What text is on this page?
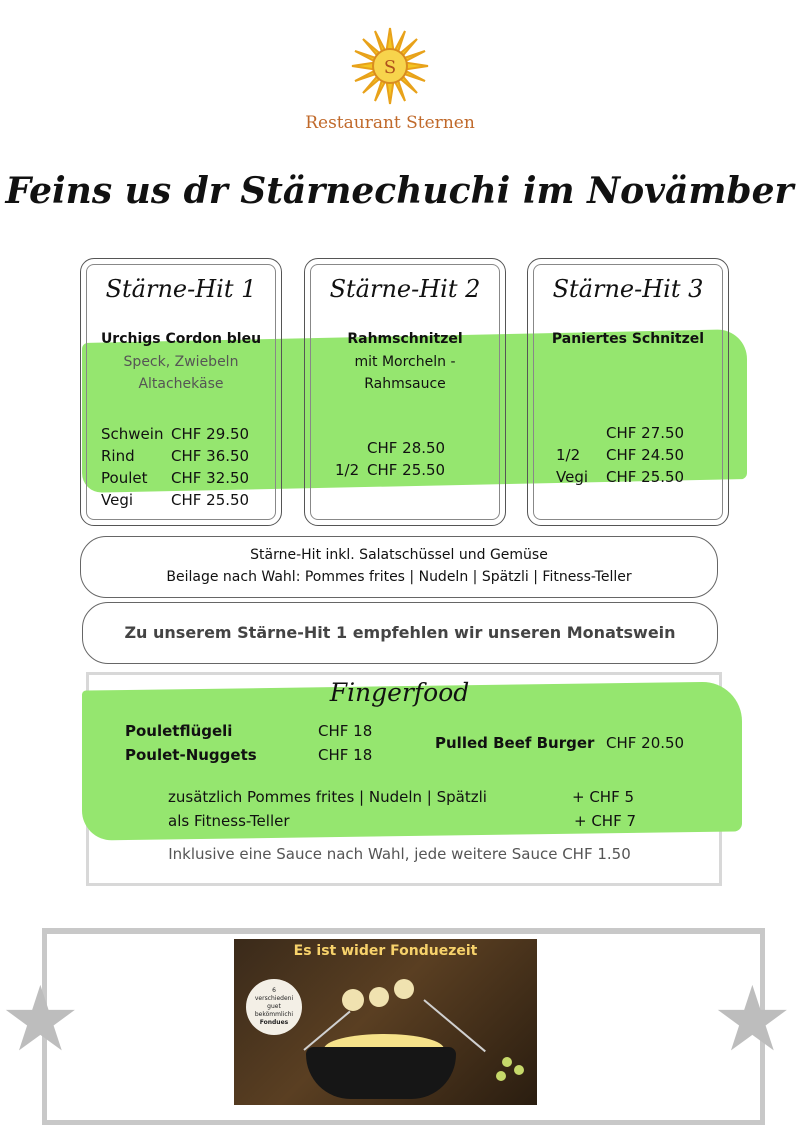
S
Restaurant Sternen
Feins us dr Stärnechuchi im Novämber
Stärne-Hit 1
Urchigs Cordon bleu
Speck, Zwiebeln
Altachekäse
Schwein CHF 29.50
Rind CHF 36.50
Poulet CHF 32.50
Vegi	CHF 25.50
Stärne-Hit 2
Rahmschnitzel
mit Morcheln -
Rahmsauce
CHF 28.50
1/2 CHF 25.50
Stärne-Hit 3
Paniertes Schnitzel
CHF 27.50
1/2 CHF 24.50
Vegi CHF 25.50
Stärne-Hit inkl. Salatschüssel und Gemüse
Beilage nach Wahl: Pommes frites | Nudeln | Spätzli | Fitness-Teller
Zu unserem Stärne-Hit 1 empfehlen wir unseren Monatswein
Fingerfood
Pouletflügeli	CHF 18
Poulet-Nuggets	CHF 18
Pulled Beef Burger CHF 20.50
zusätzlich Pommes frites | Nudeln | Spätzli	+ CHF 5
als Fitness-Teller	+ CHF 7
Inklusive eine Sauce nach Wahl, jede weitere Sauce CHF 1.50
★	★
Es ist wider Fonduezeit
6
verschiedeni
guet
bekömmlichi
Fondues
